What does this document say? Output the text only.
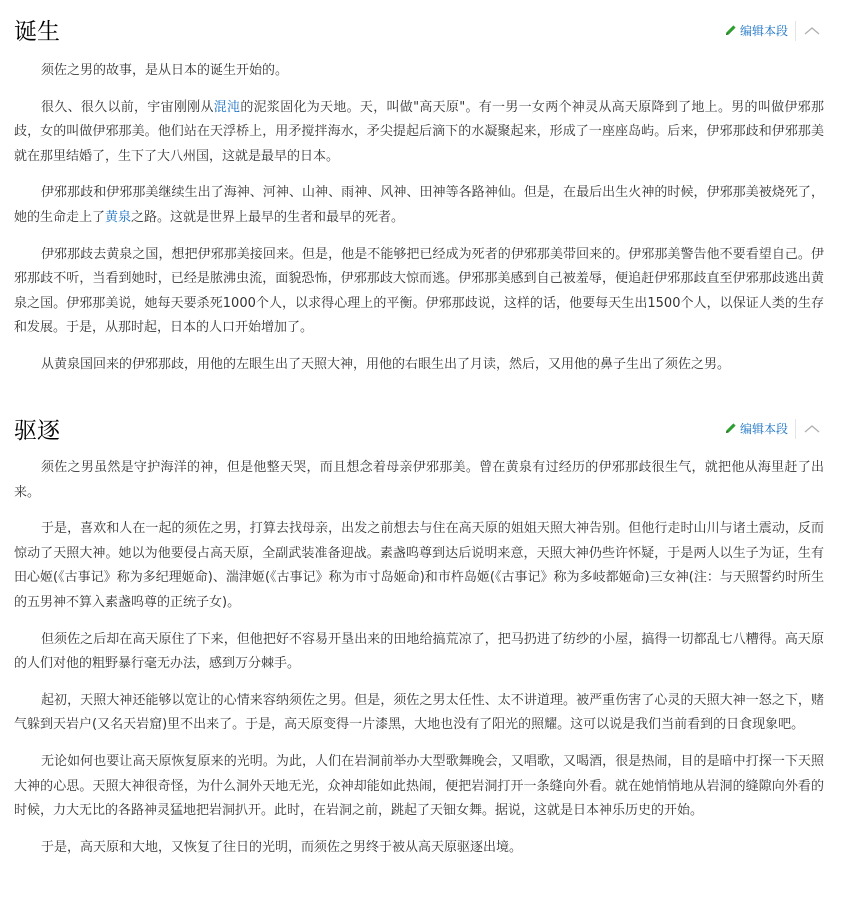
诞生	编辑本段

须佐之男的故事，是从日本的诞生开始的。

很久、很久以前，宇宙刚刚从混沌的泥浆固化为天地。天，叫做"高天原"。有一男一女两个神灵从高天原降到了地上。男的叫做伊邪那歧，女的叫做伊邪那美。他们站在天浮桥上，用矛搅拌海水，矛尖提起后滴下的水凝聚起来，形成了一座座岛屿。后来，伊邪那歧和伊邪那美就在那里结婚了，生下了大八州国，这就是最早的日本。

伊邪那歧和伊邪那美继续生出了海神、河神、山神、雨神、风神、田神等各路神仙。但是，在最后出生火神的时候，伊邪那美被烧死了，她的生命走上了黄泉之路。这就是世界上最早的生者和最早的死者。

伊邪那歧去黄泉之国，想把伊邪那美接回来。但是，他是不能够把已经成为死者的伊邪那美带回来的。伊邪那美警告他不要看望自己。伊邪那歧不听，当看到她时，已经是脓沸虫流，面貌恐怖，伊邪那歧大惊而逃。伊邪那美感到自己被羞辱，便追赶伊邪那歧直至伊邪那歧逃出黄泉之国。伊邪那美说，她每天要杀死1000个人，以求得心理上的平衡。伊邪那歧说，这样的话，他要每天生出1500个人，以保证人类的生存和发展。于是，从那时起，日本的人口开始增加了。

从黄泉国回来的伊邪那歧，用他的左眼生出了天照大神，用他的右眼生出了月读，然后，又用他的鼻子生出了须佐之男。

驱逐	编辑本段

须佐之男虽然是守护海洋的神，但是他整天哭，而且想念着母亲伊邪那美。曾在黄泉有过经历的伊邪那歧很生气，就把他从海里赶了出来。

于是，喜欢和人在一起的须佐之男，打算去找母亲，出发之前想去与住在高天原的姐姐天照大神告别。但他行走时山川与诸土震动，反而惊动了天照大神。她以为他要侵占高天原，全副武装准备迎战。素盏呜尊到达后说明来意，天照大神仍些许怀疑，于是两人以生子为证，生有田心姬(《古事记》称为多纪理姬命)、湍津姬(《古事记》称为市寸岛姬命)和市杵岛姬(《古事记》称为多岐都姬命)三女神(注：与天照誓约时所生的五男神不算入素盏呜尊的正统子女)。

但须佐之后却在高天原住了下来，但他把好不容易开垦出来的田地给搞荒凉了，把马扔进了纺纱的小屋，搞得一切都乱七八糟得。高天原的人们对他的粗野暴行毫无办法，感到万分棘手。

起初，天照大神还能够以宽让的心情来容纳须佐之男。但是，须佐之男太任性、太不讲道理。被严重伤害了心灵的天照大神一怒之下，赌气躲到天岩户(又名天岩窟)里不出来了。于是，高天原变得一片漆黑，大地也没有了阳光的照耀。这可以说是我们当前看到的日食现象吧。

无论如何也要让高天原恢复原来的光明。为此，人们在岩洞前举办大型歌舞晚会，又唱歌，又喝酒，很是热闹，目的是暗中打探一下天照大神的心思。天照大神很奇怪，为什么洞外天地无光，众神却能如此热闹，便把岩洞打开一条缝向外看。就在她悄悄地从岩洞的缝隙向外看的时候，力大无比的各路神灵猛地把岩洞扒开。此时，在岩洞之前，跳起了天钿女舞。据说，这就是日本神乐历史的开始。

于是，高天原和大地，又恢复了往日的光明，而须佐之男终于被从高天原驱逐出境。
